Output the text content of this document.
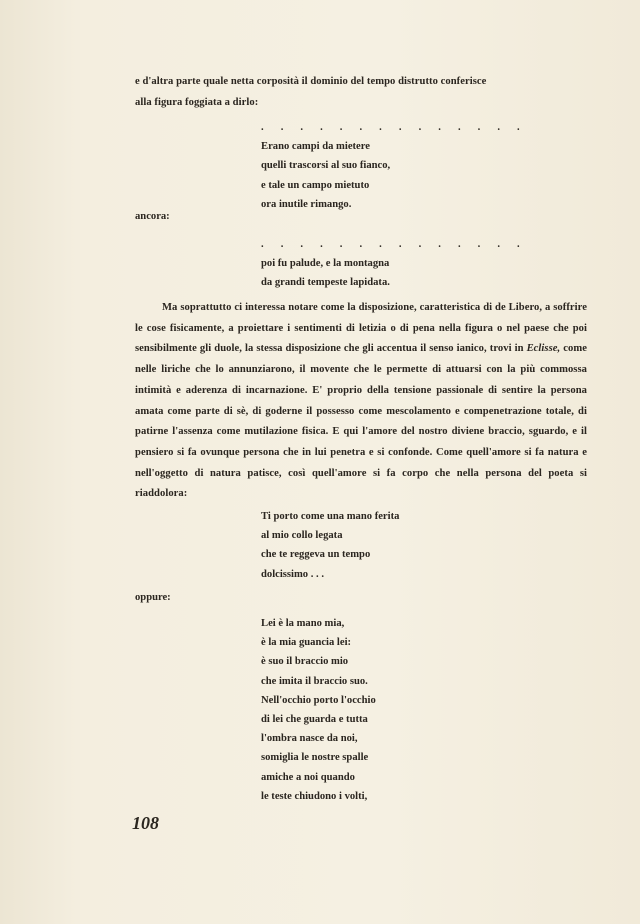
e d'altra parte quale netta corposità il dominio del tempo distrutto conferisce

alla figura foggiata a dirlo:

. . . . . . . . . . . . . .
Erano campi da mietere
quelli trascorsi al suo fianco,
e tale un campo mietuto
ora inutile rimango.
ancora:
. . . . . . . . . . . . . .
poi fu palude, e la montagna
da grandi tempeste lapidata.

Ma soprattutto ci interessa notare come la disposizione, caratteristica di de Libero, a soffrire le cose fisicamente, a proiettare i sentimenti di letizia o di pena nella figura o nel paese che poi sensibilmente gli duole, la stessa disposizione che gli accentua il senso ianico, trovi in Eclisse, come nelle liriche che lo annunziarono, il movente che le permette di attuarsi con la più commossa intimità e aderenza di incarnazione. E' proprio della tensione passionale di sentire la persona amata come parte di sè, di goderne il possesso come mescolamento e compenetrazione totale, di patirne l'assenza come mutilazione fisica. E qui l'amore del nostro diviene braccio, sguardo, e il pensiero si fa ovunque persona che in lui penetra e si confonde. Come quell'amore si fa natura e nell'oggetto di natura patisce, così quell'amore si fa corpo che nella persona del poeta si riaddolora:

Ti porto come una mano ferita
al mio collo legata
che te reggeva un tempo
dolcissimo . . .
oppure:
Lei è la mano mia,
è la mia guancia lei:
è suo il braccio mio
che imita il braccio suo.
Nell'occhio porto l'occhio
di lei che guarda e tutta
l'ombra nasce da noi,
somiglia le nostre spalle
amiche a noi quando
le teste chiudono i volti,
108
